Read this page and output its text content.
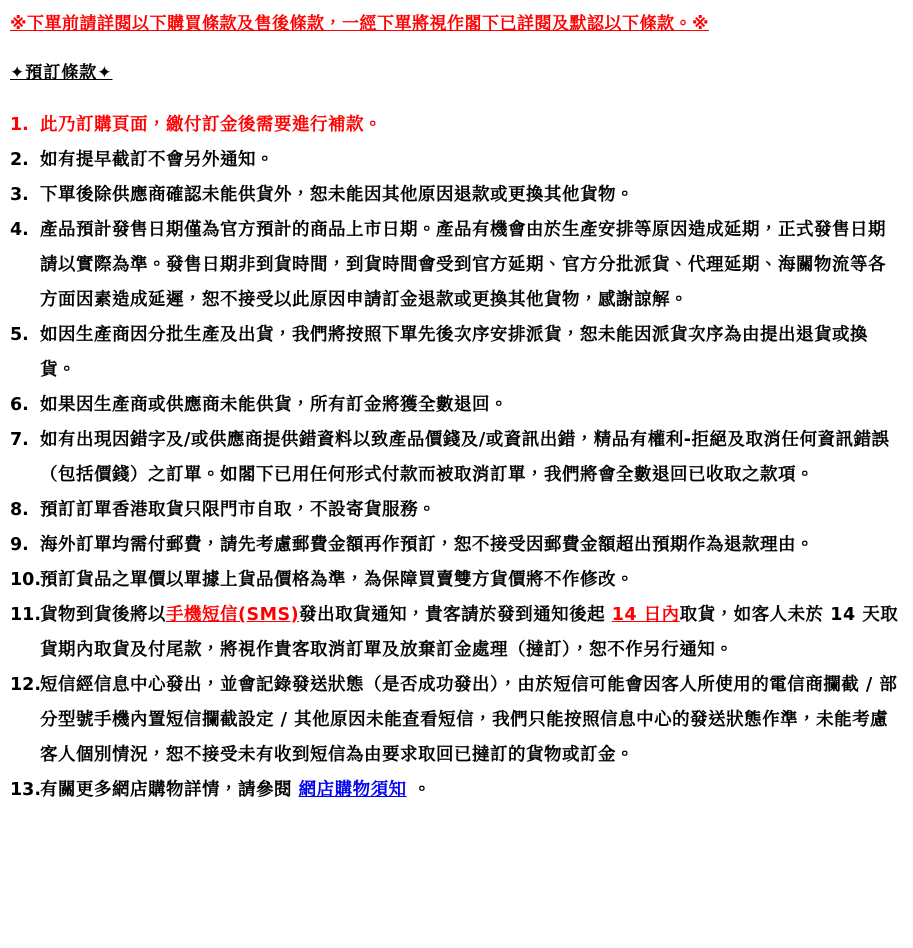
※下單前請詳閱以下購買條款及售後條款，一經下單將視作閣下已詳閱及默認以下條款。※
✦預訂條款✦
1. 此乃訂購頁面，繳付訂金後需要進行補款。
2. 如有提早截訂不會另外通知。
3. 下單後除供應商確認未能供貨外，恕未能因其他原因退款或更換其他貨物。
4. 產品預計發售日期僅為官方預計的商品上市日期。產品有機會由於生產安排等原因造成延期，正式發售日期請以實際為準。發售日期非到貨時間，到貨時間會受到官方延期、官方分批派貨、代理延期、海關物流等各方面因素造成延遲，恕不接受以此原因申請訂金退款或更換其他貨物，感謝諒解。
5. 如因生產商因分批生產及出貨，我們將按照下單先後次序安排派貨，恕未能因派貨次序為由提出退貨或換貨。
6. 如果因生產商或供應商未能供貨，所有訂金將獲全數退回。
7. 如有出現因錯字及/或供應商提供錯資料以致產品價錢及/或資訊出錯，精品有權利-拒絕及取消任何資訊錯誤（包括價錢）之訂單。如閣下已用任何形式付款而被取消訂單，我們將會全數退回已收取之款項。
8. 預訂訂單香港取貨只限門市自取，不設寄貨服務。
9. 海外訂單均需付郵費，請先考慮郵費金額再作預訂，恕不接受因郵費金額超出預期作為退款理由。
10.
預訂貨品之單價以單據上貨品價格為準，為保障買賣雙方貨價將不作修改。
11.
貨物到貨後將以手機短信(SMS)發出取貨通知，貴客請於發到通知後起 14 日內取貨，如客人未於 14 天取貨期內取貨及付尾款，將視作貴客取消訂單及放棄訂金處理（撻訂），恕不作另行通知。
12.
短信經信息中心發出，並會記錄發送狀態（是否成功發出），由於短信可能會因客人所使用的電信商攔截 / 部分型號手機內置短信攔截設定 / 其他原因未能查看短信，我們只能按照信息中心的發送狀態作準，未能考慮客人個別情況，恕不接受未有收到短信為由要求取回已撻訂的貨物或訂金。
13.
有關更多網店購物詳情，請參閱 網店購物須知 。
